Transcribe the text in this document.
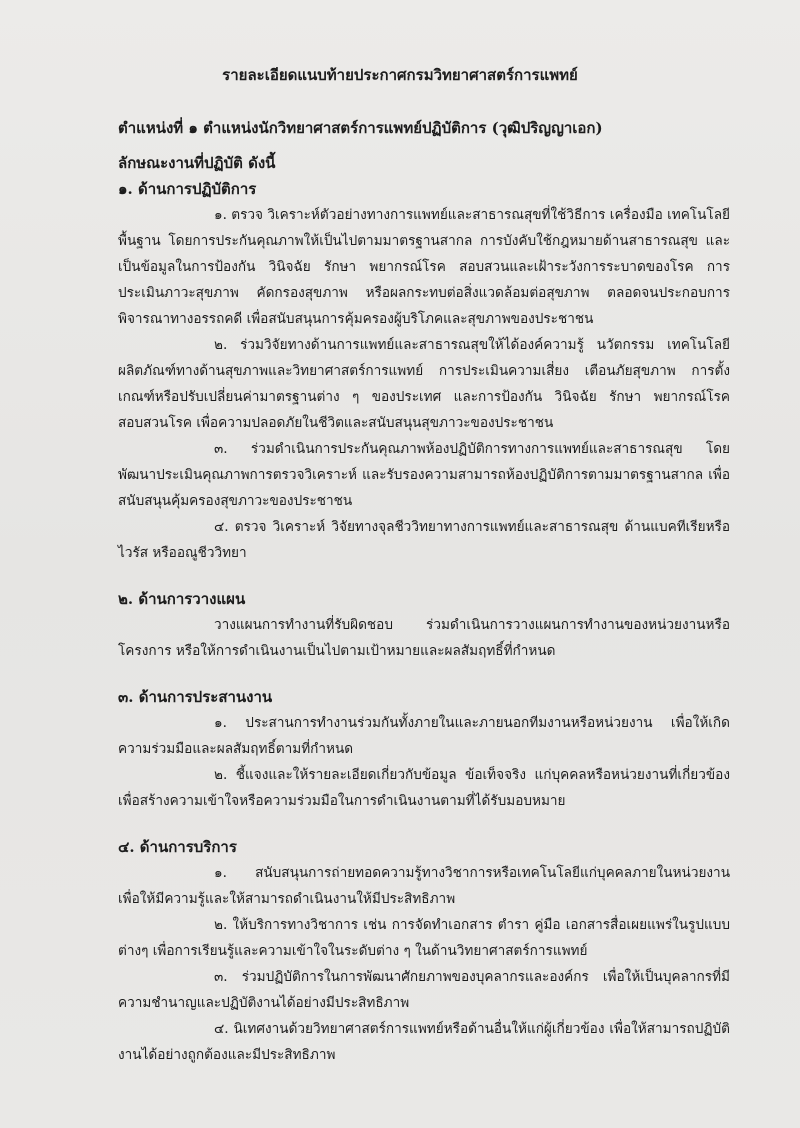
รายละเอียดแนบท้ายประกาศกรมวิทยาศาสตร์การแพทย์
ตำแหน่งที่ ๑ ตำแหน่งนักวิทยาศาสตร์การแพทย์ปฏิบัติการ (วุฒิปริญญาเอก)

ลักษณะงานที่ปฏิบัติ ดังนี้

๑. ด้านการปฏิบัติการ

๑. ตรวจ วิเคราะห์ตัวอย่างทางการแพทย์และสาธารณสุขที่ใช้วิธีการ เครื่องมือ เทคโนโลยีพื้นฐาน โดยการประกันคุณภาพให้เป็นไปตามมาตรฐานสากล การบังคับใช้กฎหมายด้านสาธารณสุข และเป็นข้อมูลในการป้องกัน วินิจฉัย รักษา พยากรณ์โรค สอบสวนและเฝ้าระวังการระบาดของโรค การประเมินภาวะสุขภาพ คัดกรองสุขภาพ หรือผลกระทบต่อสิ่งแวดล้อมต่อสุขภาพ ตลอดจนประกอบการพิจารณาทางอรรถคดี เพื่อสนับสนุนการคุ้มครองผู้บริโภคและสุขภาพของประชาชน

๒. ร่วมวิจัยทางด้านการแพทย์และสาธารณสุขให้ได้องค์ความรู้ นวัตกรรม เทคโนโลยี ผลิตภัณฑ์ทางด้านสุขภาพและวิทยาศาสตร์การแพทย์ การประเมินความเสี่ยง เตือนภัยสุขภาพ การตั้งเกณฑ์หรือปรับเปลี่ยนค่ามาตรฐานต่าง ๆ ของประเทศ และการป้องกัน วินิจฉัย รักษา พยากรณ์โรค สอบสวนโรค เพื่อความปลอดภัยในชีวิตและสนับสนุนสุขภาวะของประชาชน

๓. ร่วมดำเนินการประกันคุณภาพห้องปฏิบัติการทางการแพทย์และสาธารณสุข โดยพัฒนาประเมินคุณภาพการตรวจวิเคราะห์ และรับรองความสามารถห้องปฏิบัติการตามมาตรฐานสากล เพื่อสนับสนุนคุ้มครองสุขภาวะของประชาชน

๔. ตรวจ วิเคราะห์ วิจัยทางจุลชีววิทยาทางการแพทย์และสาธารณสุข ด้านแบคทีเรียหรือไวรัส หรืออณูชีววิทยา

๒. ด้านการวางแผน

วางแผนการทำงานที่รับผิดชอบ ร่วมดำเนินการวางแผนการทำงานของหน่วยงานหรือโครงการ หรือให้การดำเนินงานเป็นไปตามเป้าหมายและผลสัมฤทธิ์ที่กำหนด

๓. ด้านการประสานงาน

๑. ประสานการทำงานร่วมกันทั้งภายในและภายนอกทีมงานหรือหน่วยงาน เพื่อให้เกิดความร่วมมือและผลสัมฤทธิ์ตามที่กำหนด

๒. ชี้แจงและให้รายละเอียดเกี่ยวกับข้อมูล ข้อเท็จจริง แก่บุคคลหรือหน่วยงานที่เกี่ยวข้อง เพื่อสร้างความเข้าใจหรือความร่วมมือในการดำเนินงานตามที่ได้รับมอบหมาย

๔. ด้านการบริการ

๑. สนับสนุนการถ่ายทอดความรู้ทางวิชาการหรือเทคโนโลยีแก่บุคคลภายในหน่วยงาน เพื่อให้มีความรู้และให้สามารถดำเนินงานให้มีประสิทธิภาพ

๒. ให้บริการทางวิชาการ เช่น การจัดทำเอกสาร ตำรา คู่มือ เอกสารสื่อเผยแพร่ในรูปแบบต่างๆ เพื่อการเรียนรู้และความเข้าใจในระดับต่าง ๆ ในด้านวิทยาศาสตร์การแพทย์

๓. ร่วมปฏิบัติการในการพัฒนาศักยภาพของบุคลากรและองค์กร เพื่อให้เป็นบุคลากรที่มีความชำนาญและปฏิบัติงานได้อย่างมีประสิทธิภาพ

๔. นิเทศงานด้วยวิทยาศาสตร์การแพทย์หรือด้านอื่นให้แก่ผู้เกี่ยวข้อง เพื่อให้สามารถปฏิบัติงานได้อย่างถูกต้องและมีประสิทธิภาพ
